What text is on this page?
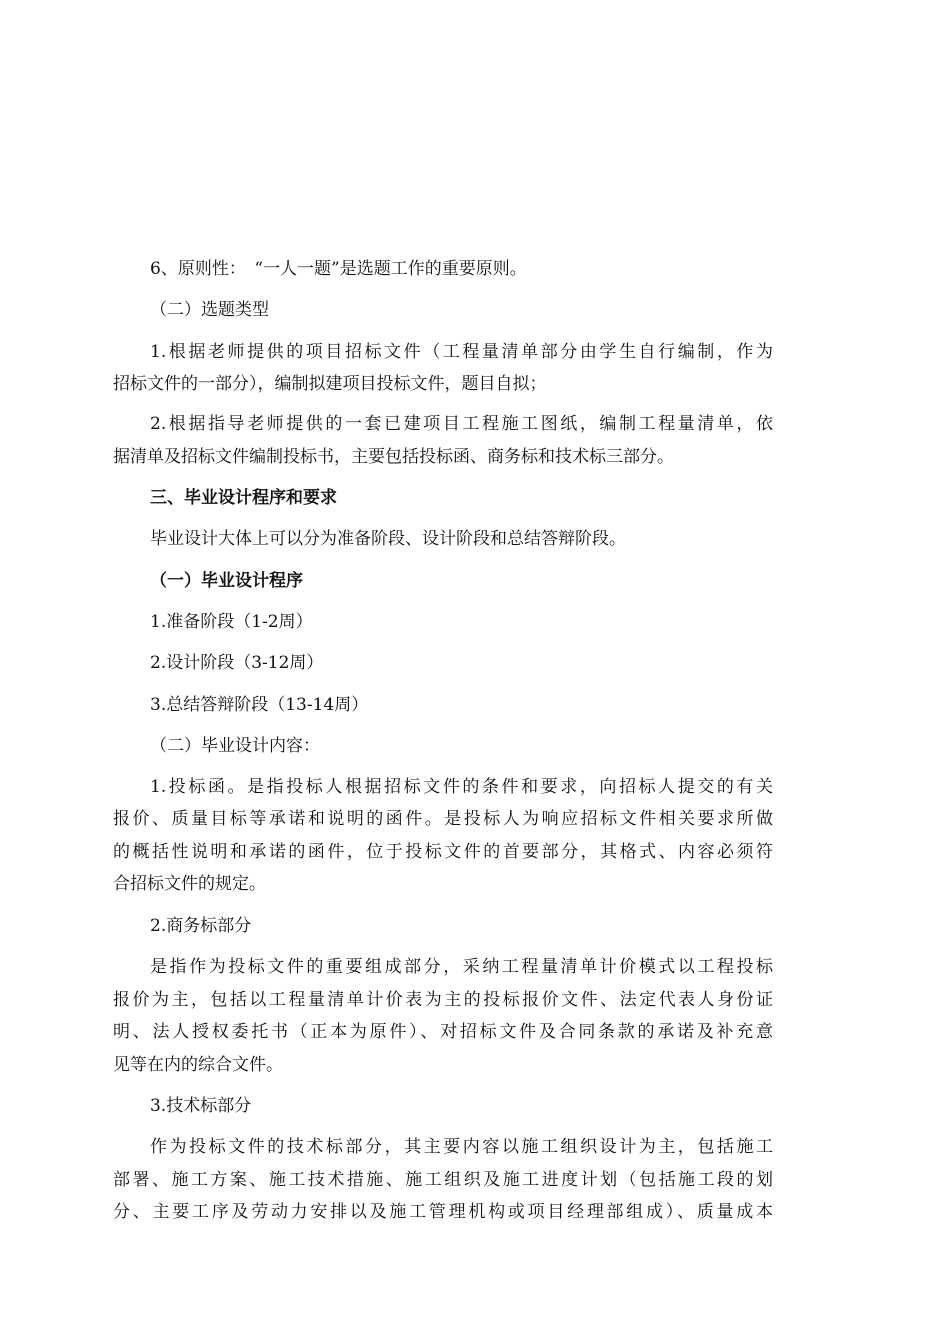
6、原则性：　“一人一题”是选题工作的重要原则。
（二）选题类型
1.根据老师提供的项目招标文件（工程量清单部分由学生自行编制，作为
招标文件的一部分），编制拟建项目投标文件，题目自拟；
2.根据指导老师提供的一套已建项目工程施工图纸，编制工程量清单，依
据清单及招标文件编制投标书，主要包括投标函、商务标和技术标三部分。
三、毕业设计程序和要求
毕业设计大体上可以分为准备阶段、设计阶段和总结答辩阶段。
（一）毕业设计程序
1.准备阶段（1-2周）
2.设计阶段（3-12周）
3.总结答辩阶段（13-14周）
（二）毕业设计内容：
1.投标函。是指投标人根据招标文件的条件和要求，向招标人提交的有关
报价、质量目标等承诺和说明的函件。是投标人为响应招标文件相关要求所做
的概括性说明和承诺的函件，位于投标文件的首要部分，其格式、内容必须符
合招标文件的规定。
2.商务标部分
是指作为投标文件的重要组成部分，采纳工程量清单计价模式以工程投标
报价为主，包括以工程量清单计价表为主的投标报价文件、法定代表人身份证
明、法人授权委托书（正本为原件）、对招标文件及合同条款的承诺及补充意
见等在内的综合文件。
3.技术标部分
作为投标文件的技术标部分，其主要内容以施工组织设计为主，包括施工
部署、施工方案、施工技术措施、施工组织及施工进度计划（包括施工段的划
分、主要工序及劳动力安排以及施工管理机构或项目经理部组成）、质量成本
